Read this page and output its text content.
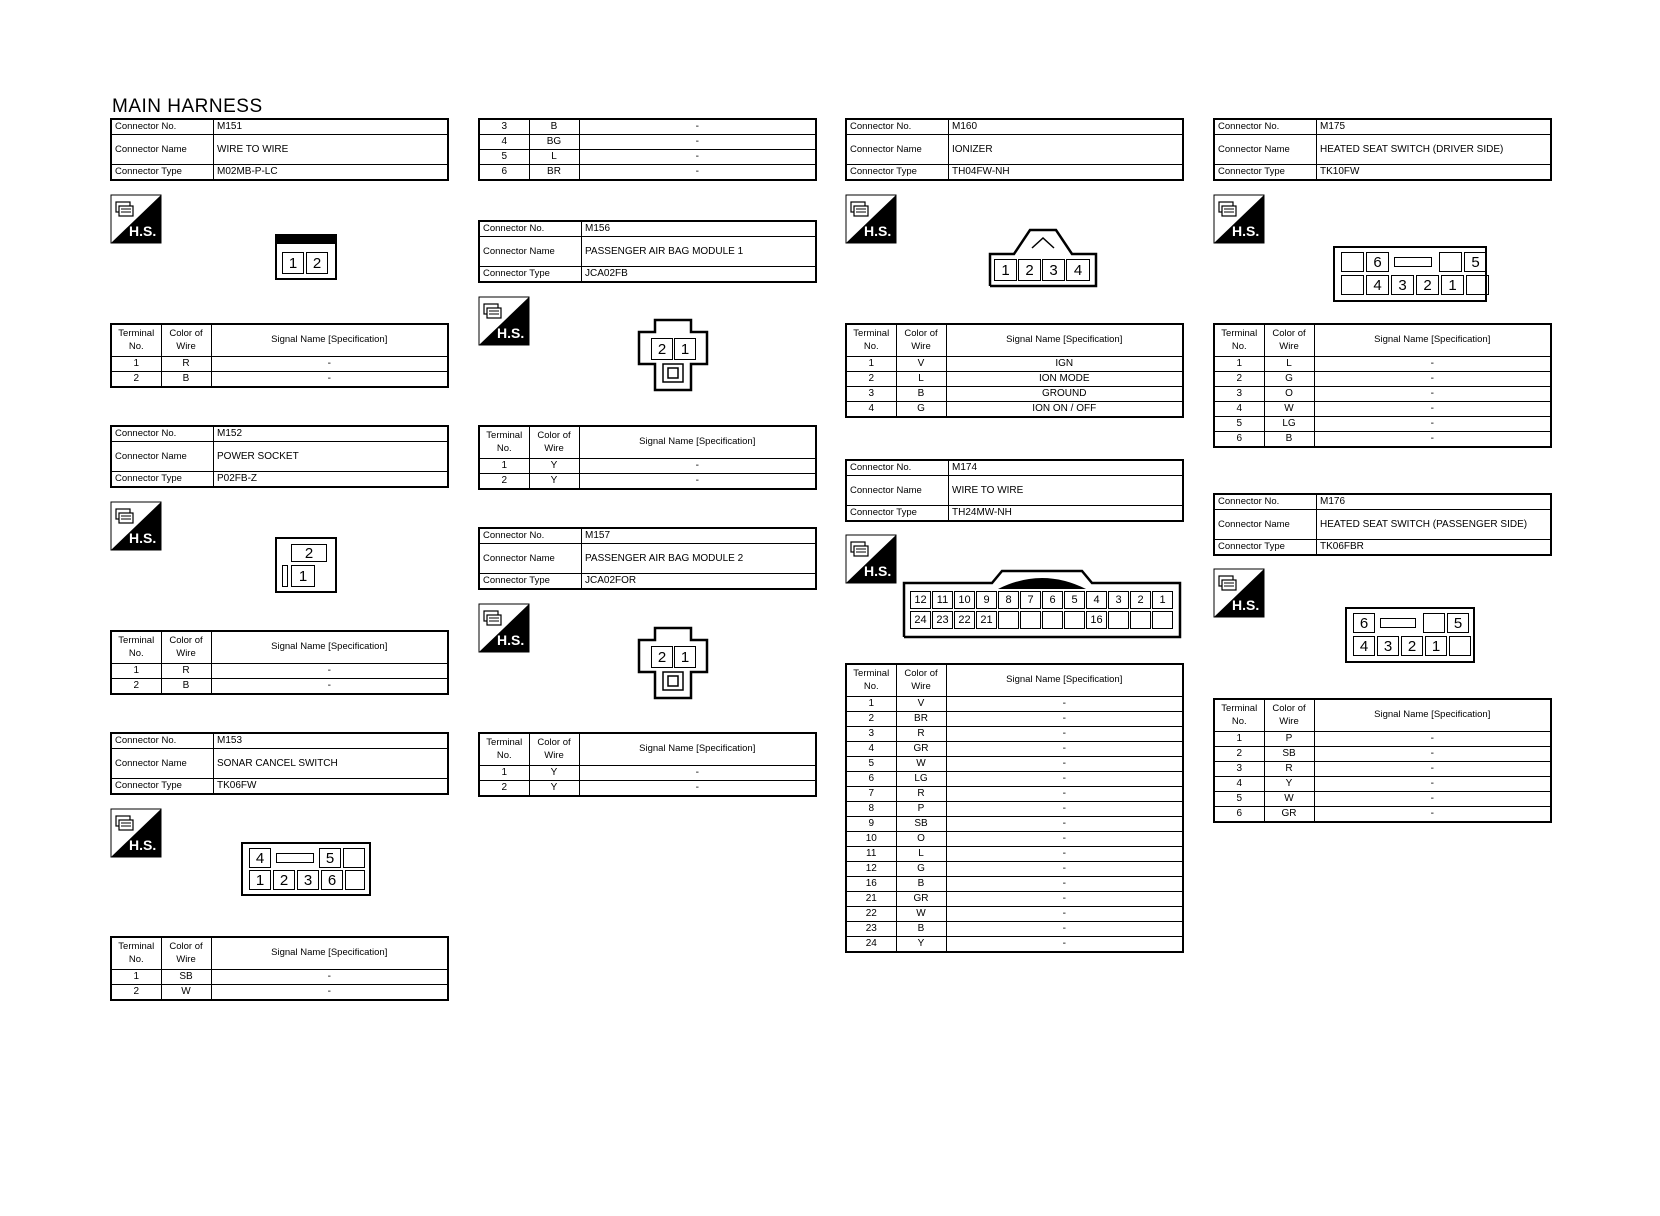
MAIN HARNESS
Connector No.	M151
Connector Name	WIRE TO WIRE
Connector Type	M02MB-P-LC
H.S.
1	2
Terminal No.	Color of Wire	Signal Name [Specification]
1	R	-
2	B	-
Connector No.	M152
Connector Name	POWER SOCKET
Connector Type	P02FB-Z
H.S.
2
1
Terminal No.	Color of Wire	Signal Name [Specification]
1	R	-
2	B	-
Connector No.	M153
Connector Name	SONAR CANCEL SWITCH
Connector Type	TK06FW
H.S.
4	5
1	2	3	6
Terminal No.	Color of Wire	Signal Name [Specification]
1	SB	-
2	W	-
3	B	-
4	BG	-
5	L	-
6	BR	-
Connector No.	M156
Connector Name	PASSENGER AIR BAG MODULE 1
Connector Type	JCA02FB
H.S.
2 1
Terminal No.	Color of Wire	Signal Name [Specification]
1	Y	-
2	Y	-
Connector No.	M157
Connector Name	PASSENGER AIR BAG MODULE 2
Connector Type	JCA02FOR
H.S.
2 1
Terminal No.	Color of Wire	Signal Name [Specification]
1	Y	-
2	Y	-
Connector No.	M160
Connector Name	IONIZER
Connector Type	TH04FW-NH
H.S.
1	2	3	4
Terminal No.	Color of Wire	Signal Name [Specification]
1	V	IGN
2	L	ION MODE
3	B	GROUND
4	G	ION ON / OFF
Connector No.	M174
Connector Name	WIRE TO WIRE
Connector Type	TH24MW-NH
H.S.
12 11 10	9	8	7	6	5	4	3	2	1
24 23 22 21	16
Terminal No.	Color of Wire	Signal Name [Specification]
1	V	-
2	BR	-
3	R	-
4	GR	-
5	W	-
6	LG	-
7	R	-
8	P	-
9	SB	-
10	O	-
11	L	-
12	G	-
16	B	-
21	GR	-
22	W	-
23	B	-
24	Y	-
Connector No.	M175
Connector Name	HEATED SEAT SWITCH (DRIVER SIDE)
Connector Type	TK10FW
H.S.
6	5
4	3	2	1
Terminal No.	Color of Wire	Signal Name [Specification]
1	L	-
2	G	-
3	O	-
4	W	-
5	LG	-
6	B	-
Connector No.	M176
Connector Name	HEATED SEAT SWITCH (PASSENGER SIDE)
Connector Type	TK06FBR
H.S.
6	5
4	3	2	1
Terminal No.	Color of Wire	Signal Name [Specification]
1	P	-
2	SB	-
3	R	-
4	Y	-
5	W	-
6	GR	-
